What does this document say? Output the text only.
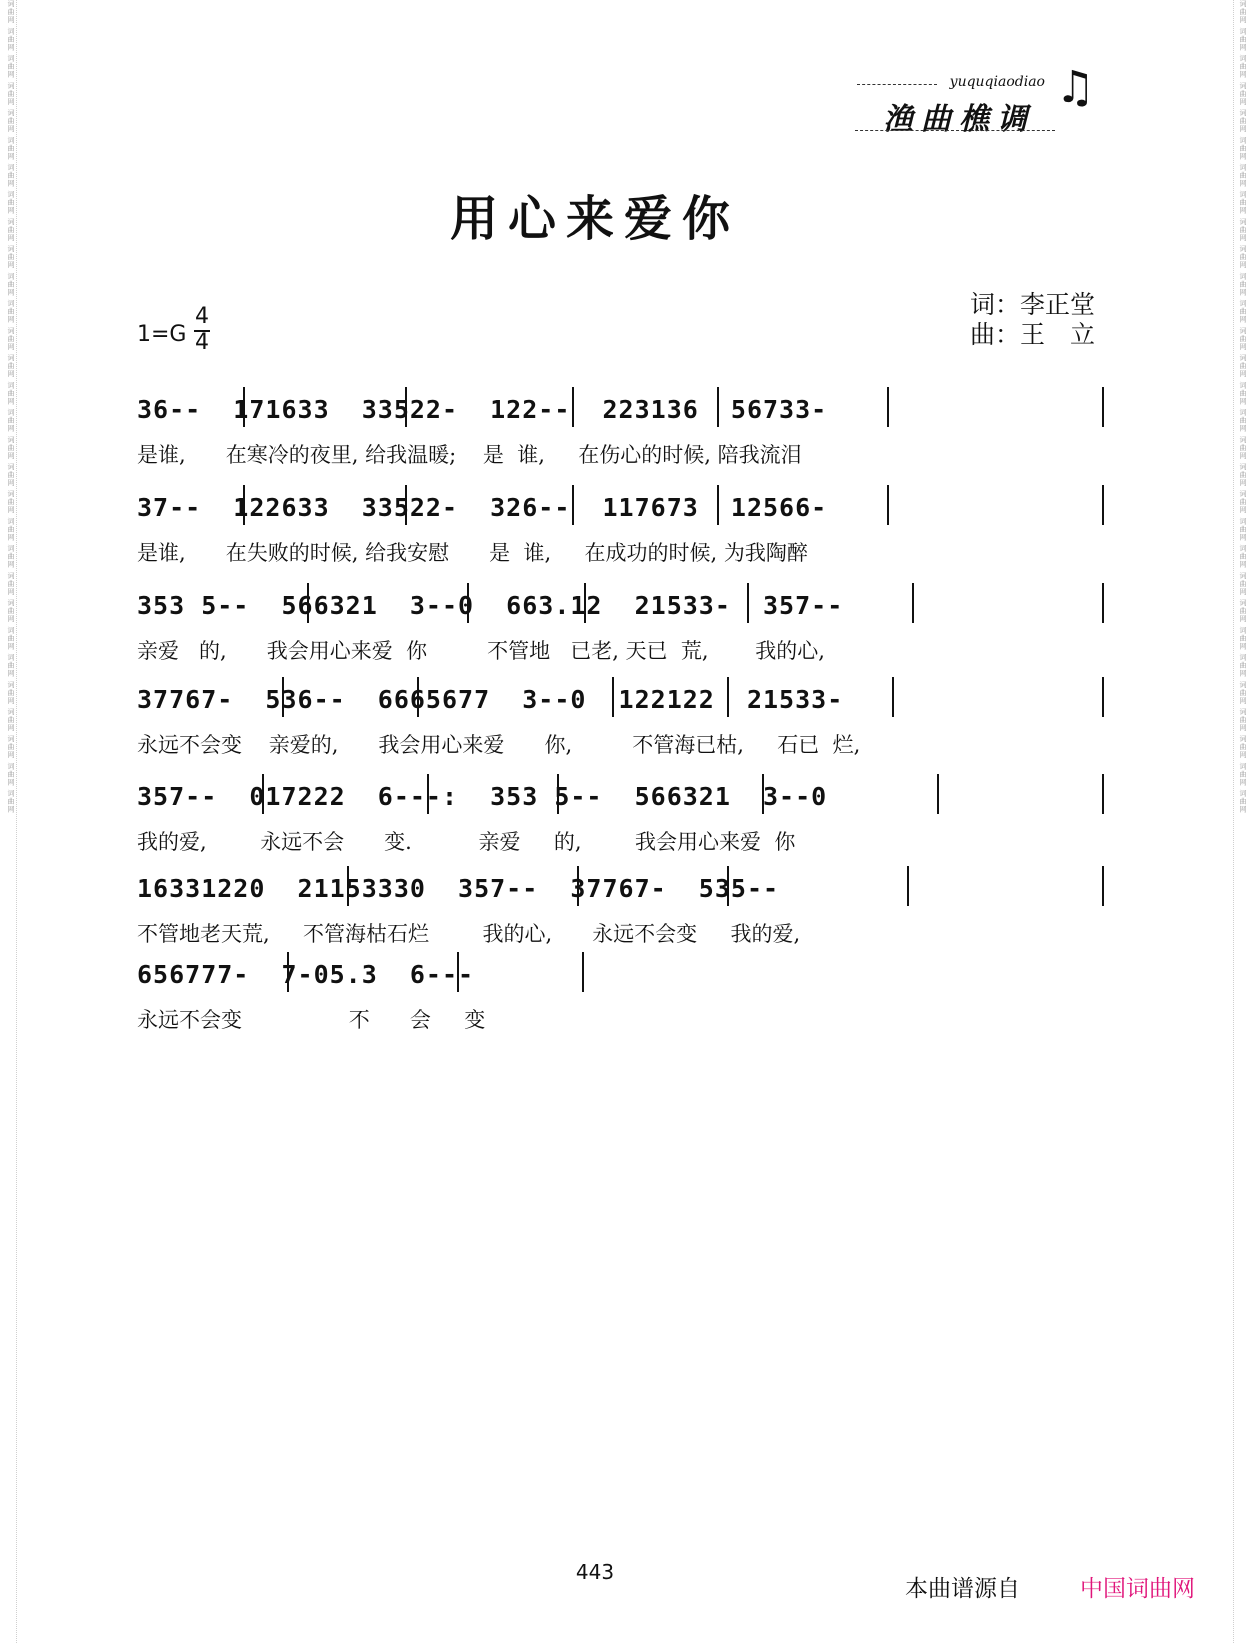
词曲网 词曲网 词曲网 词曲网 词曲网 词曲网 词曲网 词曲网 词曲网 词曲网 词曲网 词曲网 词曲网 词曲网 词曲网 词曲网 词曲网 词曲网 词曲网 词曲网 词曲网 词曲网 词曲网 词曲网 词曲网 词曲网 词曲网 词曲网 词曲网 词曲网	词曲网 词曲网 词曲网 词曲网 词曲网 词曲网 词曲网 词曲网 词曲网 词曲网 词曲网 词曲网 词曲网 词曲网 词曲网 词曲网 词曲网 词曲网 词曲网 词曲网 词曲网 词曲网 词曲网 词曲网 词曲网 词曲网 词曲网 词曲网 词曲网 词曲网
yuquqiaodiao
渔曲樵调
♫
用心来爱你
词：李正堂
曲：王　立
1=G
4
4
36--  171633  33522-  122--  223136  56733-
是谁,      在寒冷的夜里, 给我温暖;    是  谁,     在伤心的时候, 陪我流泪
37--  122633  33522-  326--  117673  12566-
是谁,      在失败的时候, 给我安慰      是  谁,     在成功的时候, 为我陶醉
353 5--  566321  3--0  663.12  21533-  357--
亲爱   的,      我会用心来爱  你         不管地   已老, 天已  荒,       我的心,
37767-  536--  6665677  3--0  122122  21533-
永远不会变    亲爱的,      我会用心来爱      你,         不管海已枯,     石已  烂,
357--  017222  6---:  353 5--  566321  3--0
我的爱,        永远不会      变.          亲爱     的,        我会用心来爱  你
16331220  21153330  357--  37767-  535--
不管地老天荒,     不管海枯石烂        我的心,      永远不会变     我的爱,
656777-  7-05.3  6---
永远不会变                不      会     变
443
本曲谱源自	中国词曲网
